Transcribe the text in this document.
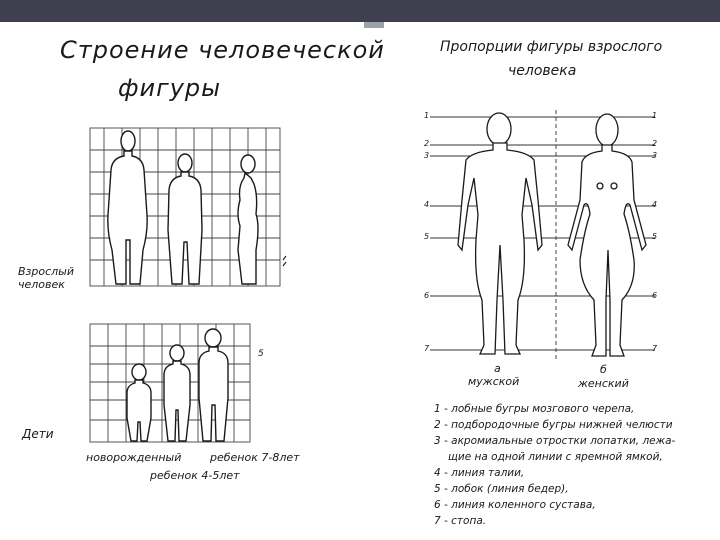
Строение человеческой
фигуры
Пропорции фигуры взрослого
человека
Взрослый
человек
5
Дети
новорожденный	ребенок 7-8лет
ребенок 4-5лет
1
2
3
4
5
6
7
1
2
3
4
5
6
7
а
мужской
б
женский
1 - лобные бугры мозгового черепа,
2 - подбородочные бугры нижней челюсти
3 - акромиальные отростки лопатки, лежа-
щие на одной линии с яремной ямкой,
4 - линия талии,
5 - лобок (линия бедер),
6 - линия коленного сустава,
7 - стопа.
